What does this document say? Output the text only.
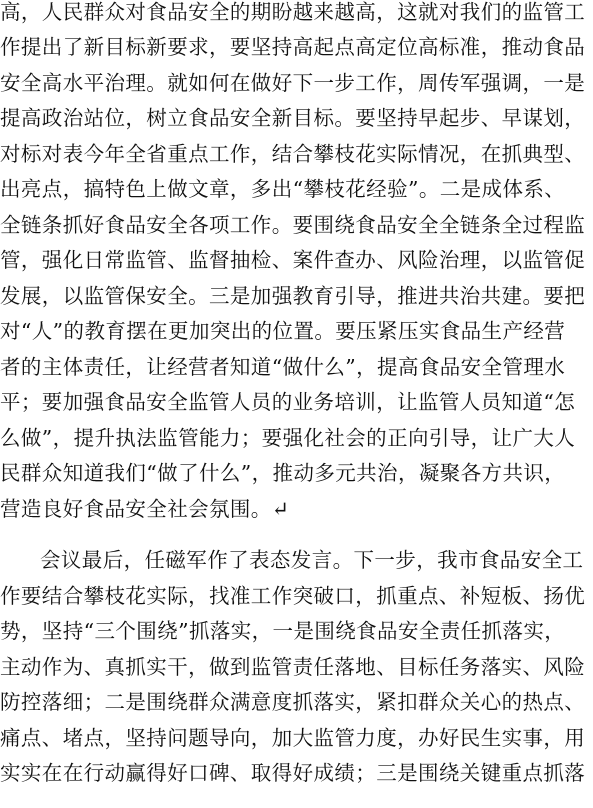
高，人民群众对食品安全的期盼越来越高，这就对我们的监管工
作提出了新目标新要求，要坚持高起点高定位高标准，推动食品
安全高水平治理。就如何在做好下一步工作，周传军强调，一是
提高政治站位，树立食品安全新目标。要坚持早起步、早谋划，
对标对表今年全省重点工作，结合攀枝花实际情况，在抓典型、
出亮点，搞特色上做文章，多出“攀枝花经验”。二是成体系、
全链条抓好食品安全各项工作。要围绕食品安全全链条全过程监
管，强化日常监管、监督抽检、案件查办、风险治理，以监管促
发展，以监管保安全。三是加强教育引导，推进共治共建。要把
对“人”的教育摆在更加突出的位置。要压紧压实食品生产经营
者的主体责任，让经营者知道“做什么”，提高食品安全管理水
平；要加强食品安全监管人员的业务培训，让监管人员知道“怎
么做”，提升执法监管能力；要强化社会的正向引导，让广大人
民群众知道我们“做了什么”，推动多元共治，凝聚各方共识，
营造良好食品安全社会氛围。↵
会议最后，任磁军作了表态发言。下一步，我市食品安全工
作要结合攀枝花实际，找准工作突破口，抓重点、补短板、扬优
势，坚持“三个围绕”抓落实，一是围绕食品安全责任抓落实，
主动作为、真抓实干，做到监管责任落地、目标任务落实、风险
防控落细；二是围绕群众满意度抓落实，紧扣群众关心的热点、
痛点、堵点，坚持问题导向，加大监管力度，办好民生实事，用
实实在在行动赢得好口碑、取得好成绩；三是围绕关键重点抓落
